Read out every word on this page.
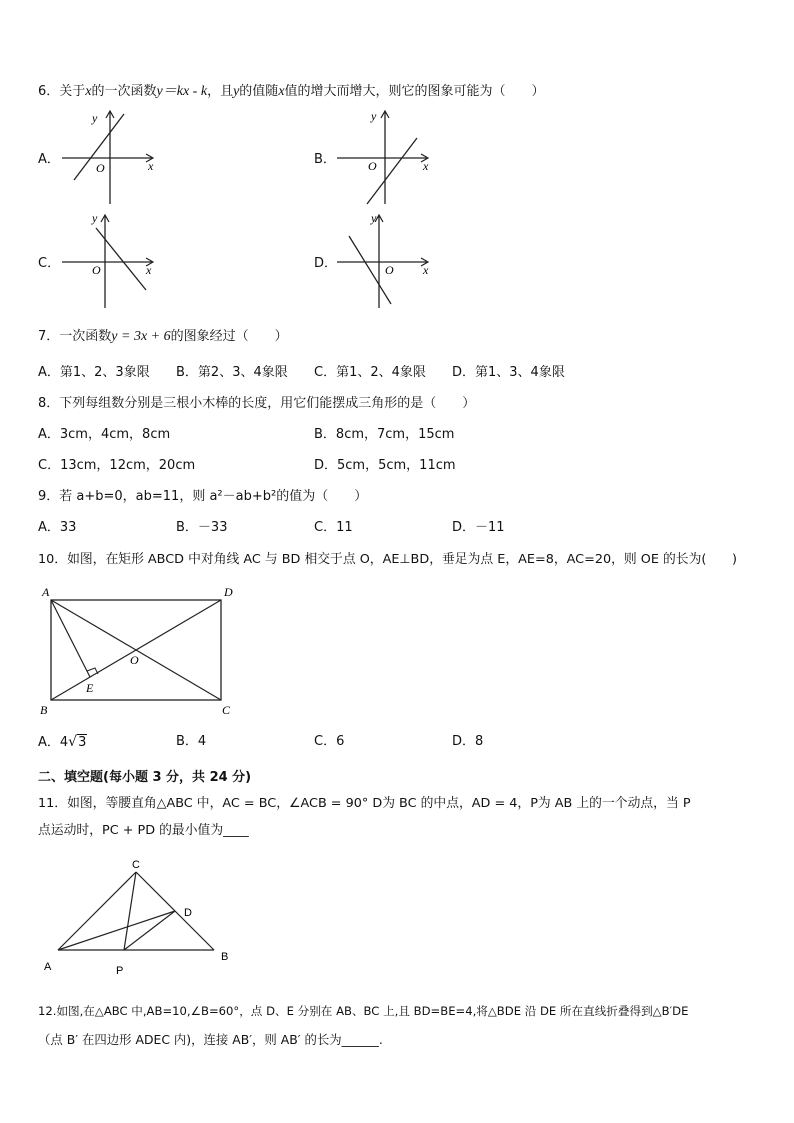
6．关于x的一次函数y＝kx - k，且y的值随x值的增大而增大，则它的图象可能为（　　）
A．
y
x
O
B．
y
x
O
C．
y
x
O	D．
y
x
O
7．一次函数y = 3x + 6的图象经过（　　）
A．第1、2、3象限 B．第2、3、4象限 C．第1、2、4象限 D．第1、3、4象限
8．下列每组数分别是三根小木棒的长度，用它们能摆成三角形的是（　　）
A．3cm，4cm，8cm	B．8cm，7cm，15cm
C．13cm，12cm，20cm	D．5cm，5cm，11cm
9．若 a+b=0，ab=11，则 a²－ab+b²的值为（　　）
A．33	B．－33	C．11	D．－11
10．如图，在矩形 ABCD 中对角线 AC 与 BD 相交于点 O，AE⊥BD，垂足为点 E，AE=8，AC=20，则 OE 的长为(　　)
A	D
B	C
O
E
A．4√3	B．4	C．6	D．8
二、填空题(每小题 3 分，共 24 分)
11．如图，等腰直角△ABC 中，AC = BC，∠ACB = 90° D为 BC 的中点，AD = 4，P为 AB 上的一个动点，当 P
点运动时，PC + PD 的最小值为____
C
D
A
B
P
12.如图,在△ABC 中,AB=10,∠B=60°，点 D、E 分别在 AB、BC 上,且 BD=BE=4,将△BDE 沿 DE 所在直线折叠得到△B′DE
（点 B′ 在四边形 ADEC 内)，连接 AB′，则 AB′ 的长为______.
